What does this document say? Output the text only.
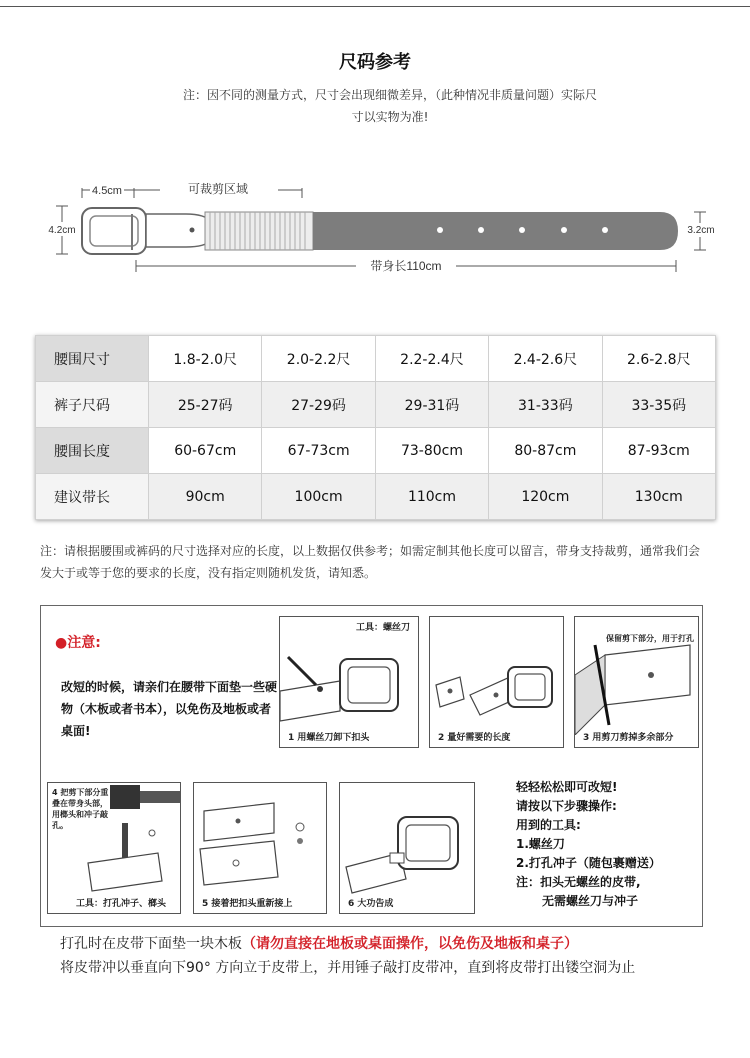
尺码参考
注：因不同的测量方式，尺寸会出现细微差异，（此种情况非质量问题）实际尺寸以实物为准!
4.5cm	可裁剪区域
4.2cm	3.2cm
带身长110cm
腰围尺寸	1.8-2.0尺	2.0-2.2尺	2.2-2.4尺	2.4-2.6尺	2.6-2.8尺
裤子尺码	25-27码	27-29码	29-31码	31-33码	33-35码
腰围长度	60-67cm	67-73cm	73-80cm	80-87cm	87-93cm
建议带长	90cm	100cm	110cm	120cm	130cm
注：请根据腰围或裤码的尺寸选择对应的长度，以上数据仅供参考；如需定制其他长度可以留言，带身支持裁剪，通常我们会发大于或等于您的要求的长度，没有指定则随机发货，请知悉。
●注意:
改短的时候，请亲们在腰带下面垫一些硬物（木板或者书本），以免伤及地板或者桌面!
工具：螺丝刀
1 用螺丝刀卸下扣头	2 量好需要的长度
保留剪下部分，用于打孔
3 用剪刀剪掉多余部分
4 把剪下部分重叠在带身头部，用榔头和冲子敲孔。
工具：打孔冲子、榔头	5 接着把扣头重新接上	6 大功告成
轻轻松松即可改短!
请按以下步骤操作:
用到的工具:
1.螺丝刀
2.打孔冲子（随包裹赠送）
注：扣头无螺丝的皮带,
无需螺丝刀与冲子
打孔时在皮带下面垫一块木板（请勿直接在地板或桌面操作，以免伤及地板和桌子）
将皮带冲以垂直向下90° 方向立于皮带上，并用锤子敲打皮带冲，直到将皮带打出镂空洞为止
